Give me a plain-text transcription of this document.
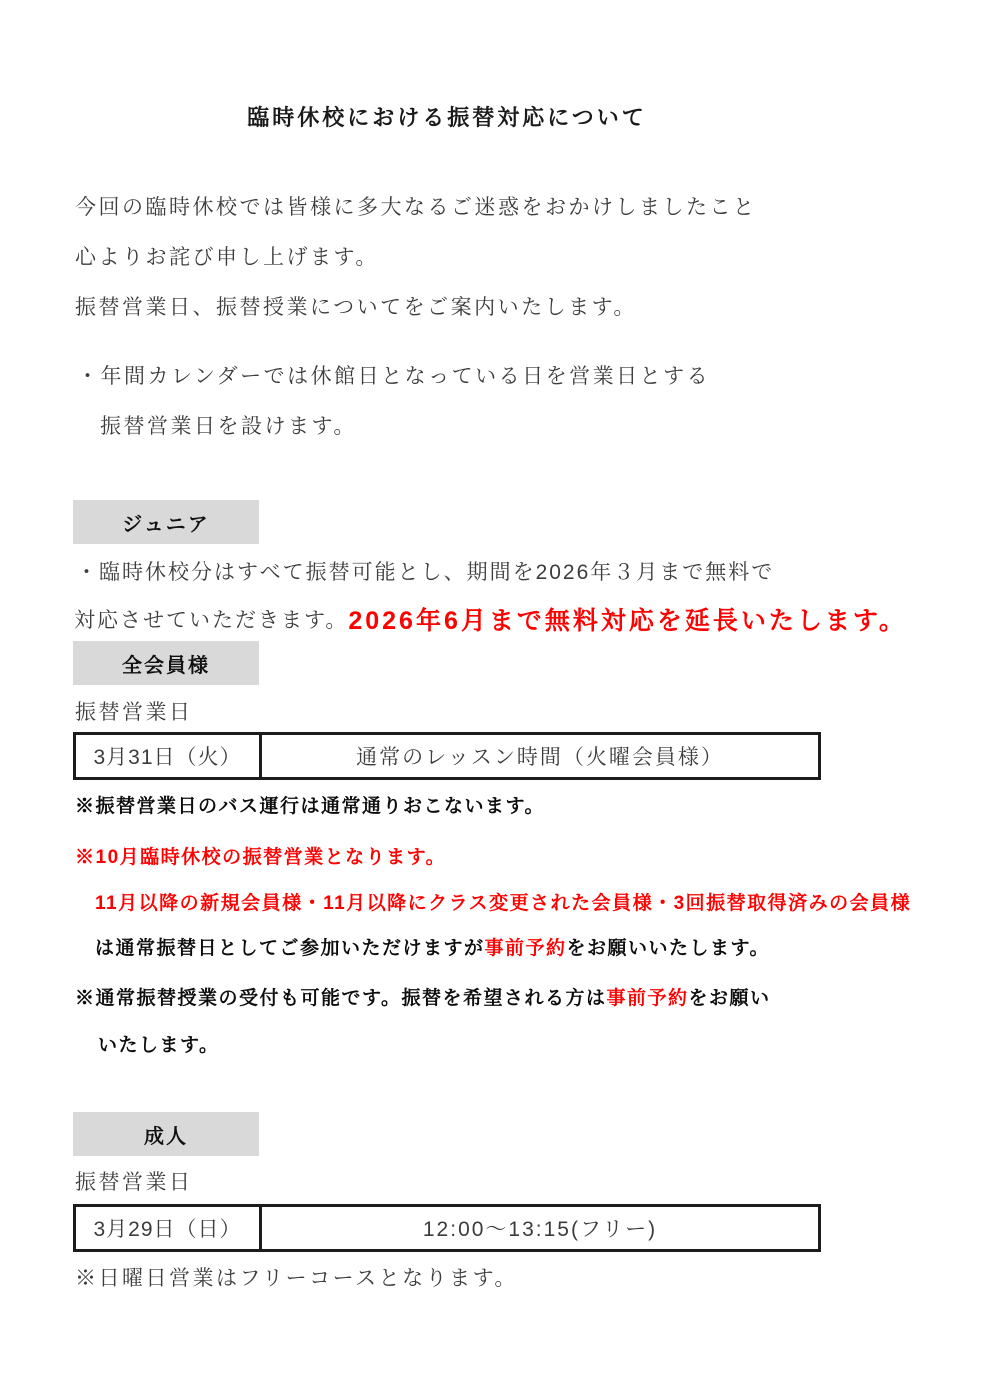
臨時休校における振替対応について
今回の臨時休校では皆様に多大なるご迷惑をおかけしましたこと
心よりお詫び申し上げます。
振替営業日、振替授業についてをご案内いたします。
・年間カレンダーでは休館日となっている日を営業日とする
振替営業日を設けます。
ジュニア
・臨時休校分はすべて振替可能とし、期間を2026年３月まで無料で
対応させていただきます。2026年6月まで無料対応を延長いたします。
全会員様
振替営業日
3月31日（火）	通常のレッスン時間（火曜会員様）
※振替営業日のバス運行は通常通りおこないます。
※10月臨時休校の振替営業となります。
11月以降の新規会員様・11月以降にクラス変更された会員様・3回振替取得済みの会員様
は通常振替日としてご参加いただけますが事前予約をお願いいたします。
※通常振替授業の受付も可能です。振替を希望される方は事前予約をお願い
いたします。
成人
振替営業日
3月29日（日）	12:00～13:15(フリー)
※日曜日営業はフリーコースとなります。
